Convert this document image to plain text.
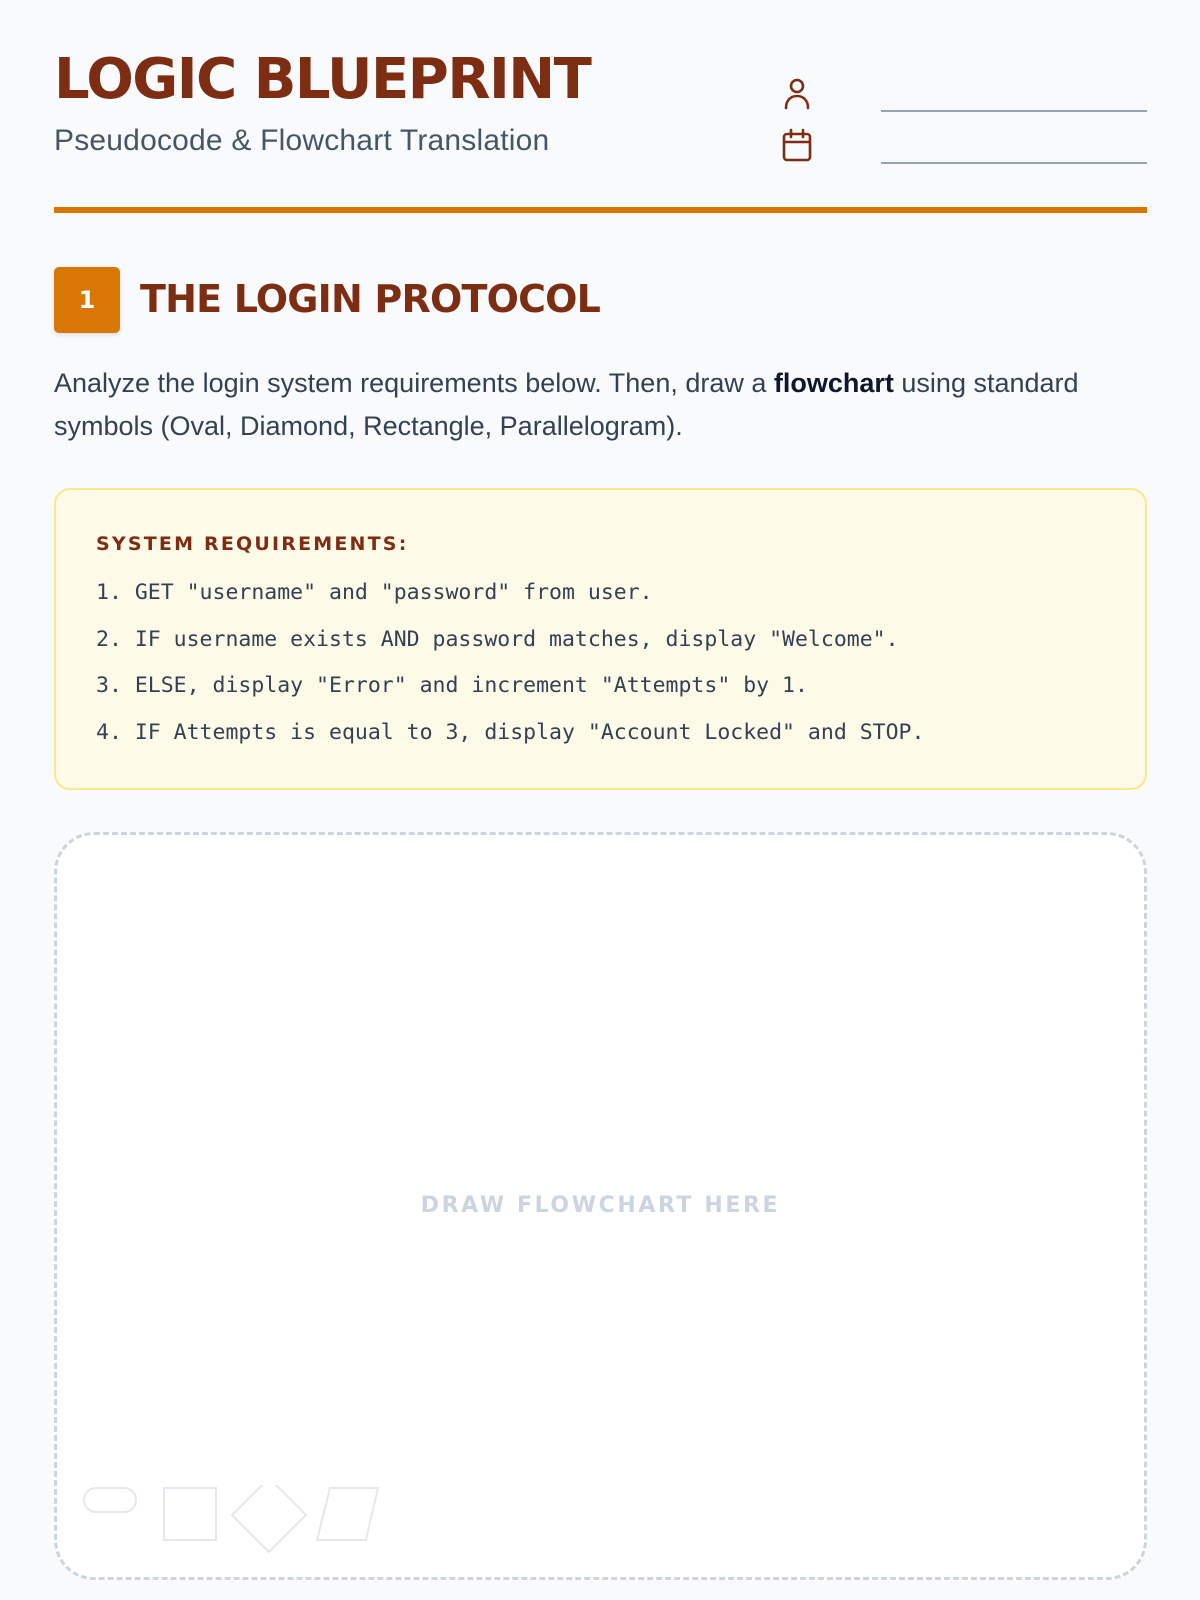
LOGIC BLUEPRINT
Pseudocode & Flowchart Translation
1	THE LOGIN PROTOCOL
Analyze the login system requirements below. Then, draw a flowchart using standard symbols (Oval, Diamond, Rectangle, Parallelogram).
SYSTEM REQUIREMENTS:
1. GET "username" and "password" from user.
2. IF username exists AND password matches, display "Welcome".
3. ELSE, display "Error" and increment "Attempts" by 1.
4. IF Attempts is equal to 3, display "Account Locked" and STOP.
DRAW FLOWCHART HERE
